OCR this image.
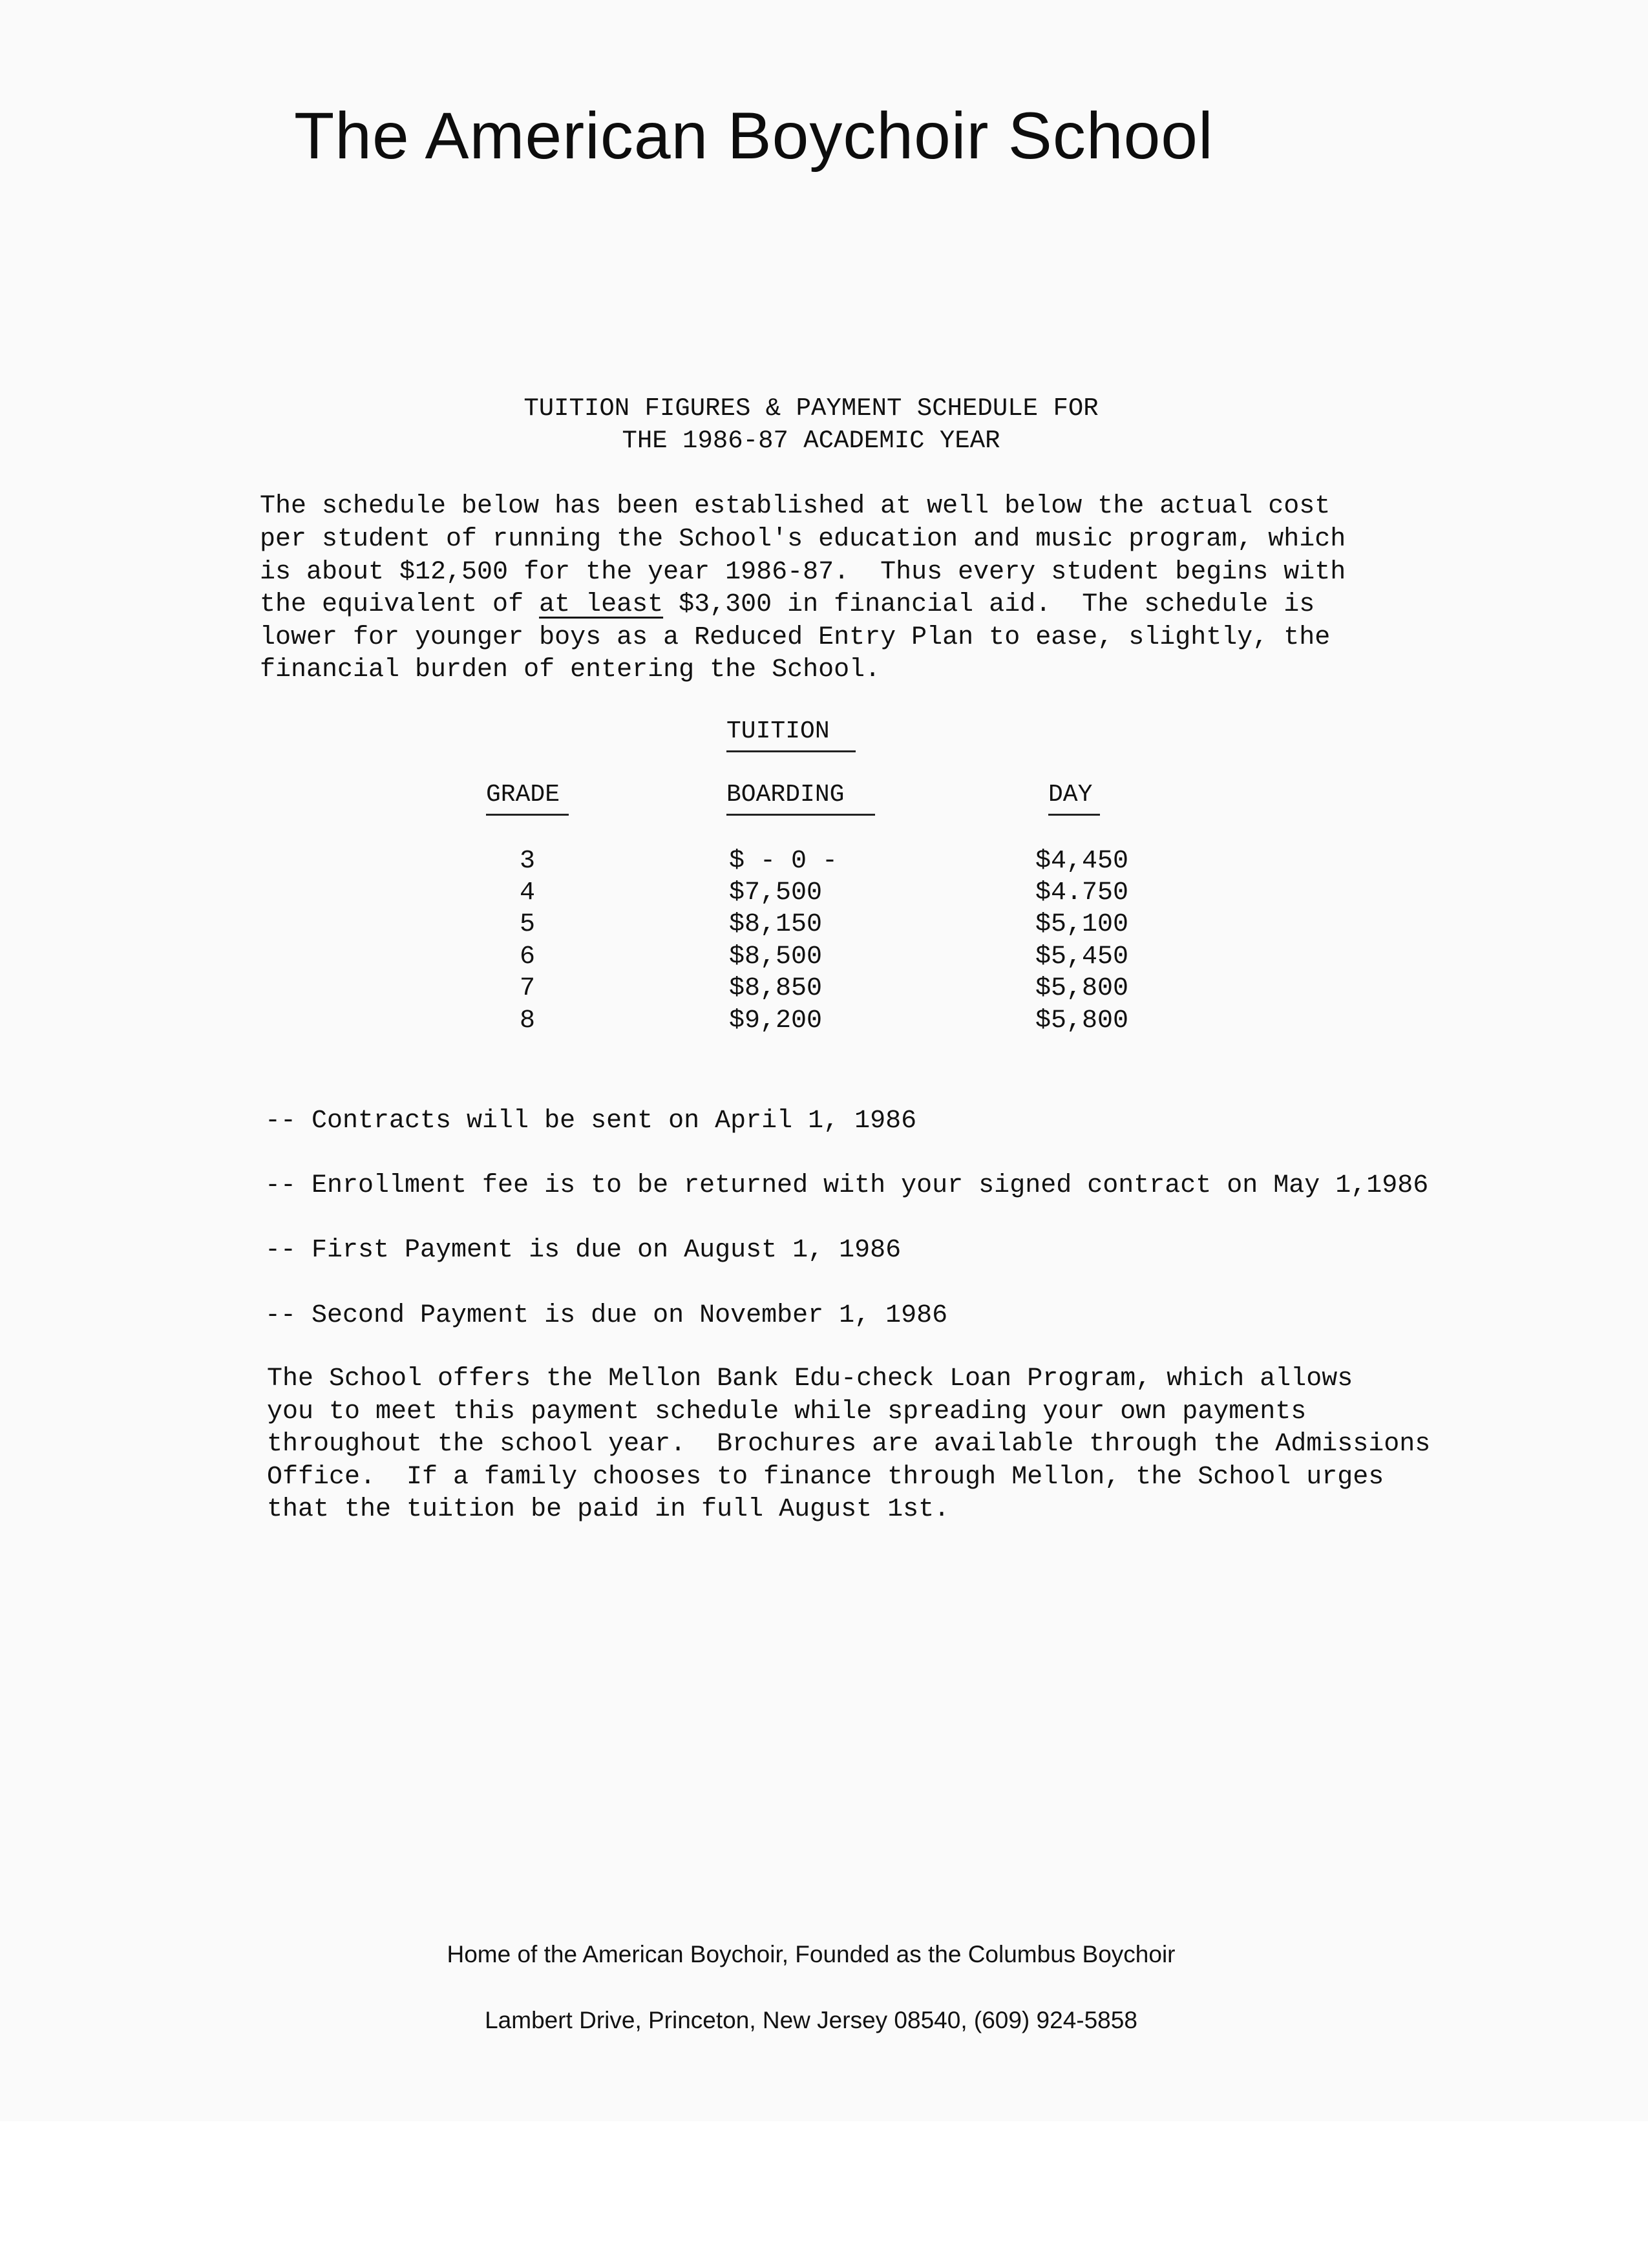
The American Boychoir School
TUITION FIGURES & PAYMENT SCHEDULE FOR
THE 1986-87 ACADEMIC YEAR
The schedule below has been established at well below the actual cost
per student of running the School's education and music program, which
is about $12,500 for the year 1986-87.  Thus every student begins with
the equivalent of at least $3,300 in financial aid.  The schedule is
lower for younger boys as a Reduced Entry Plan to ease, slightly, the
financial burden of entering the School.
TUITION
GRADE	BOARDING	DAY
3	$ - 0 -	$4,450
4	$7,500	$4.750
5	$8,150	$5,100
6	$8,500	$5,450
7	$8,850	$5,800
8	$9,200	$5,800
-- Contracts will be sent on April 1, 1986
-- Enrollment fee is to be returned with your signed contract on May 1,1986
-- First Payment is due on August 1, 1986
-- Second Payment is due on November 1, 1986
The School offers the Mellon Bank Edu-check Loan Program, which allows
you to meet this payment schedule while spreading your own payments
throughout the school year.  Brochures are available through the Admissions
Office.  If a family chooses to finance through Mellon, the School urges
that the tuition be paid in full August 1st.
Home of the American Boychoir, Founded as the Columbus Boychoir
Lambert Drive, Princeton, New Jersey 08540, (609) 924-5858
